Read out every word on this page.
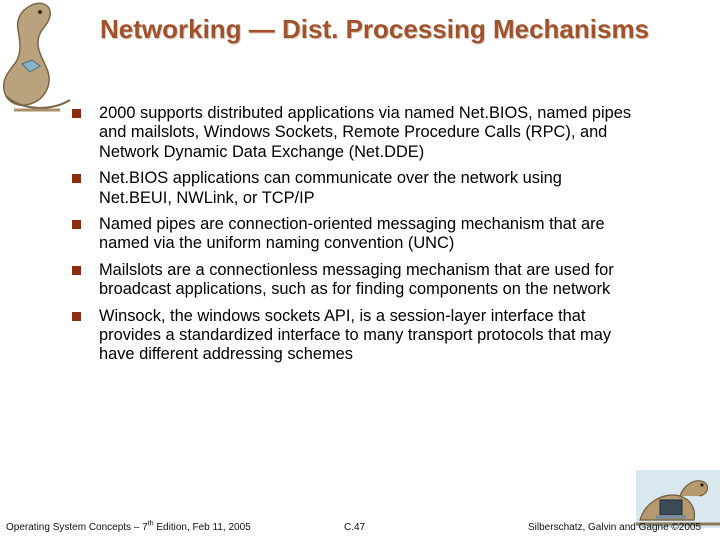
Networking — Dist. Processing Mechanisms
2000 supports distributed applications via named Net.BIOS, named pipes and mailslots, Windows Sockets, Remote Procedure Calls (RPC), and Network Dynamic Data Exchange (Net.DDE)
Net.BIOS applications can communicate over the network using Net.BEUI, NWLink, or TCP/IP
Named pipes are connection-oriented messaging mechanism that are named via the uniform naming convention (UNC)
Mailslots are a connectionless messaging mechanism that are used for broadcast applications, such as for finding components on the network
Winsock, the windows sockets API, is a session-layer interface that provides a standardized interface to many transport protocols that may have different addressing schemes
Operating System Concepts – 7th Edition, Feb 11, 2005	C.47	Silberschatz, Galvin and Gagne ©2005
